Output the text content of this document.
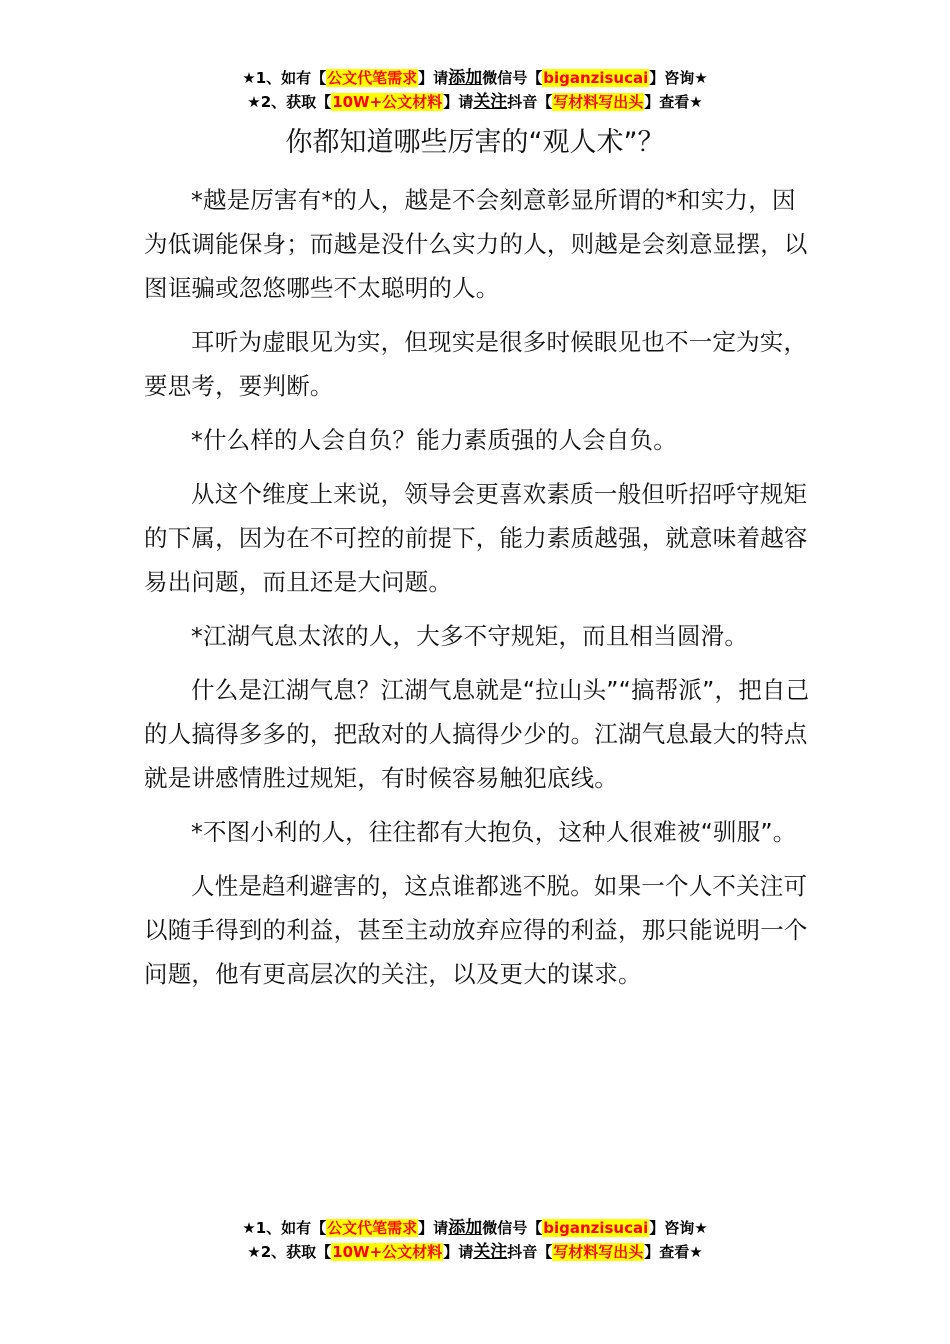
★1、如有【公文代笔需求】请添加微信号【biganzisucai】咨询★
★2、获取【10W+公文材料】请关注抖音【写材料写出头】查看★
你都知道哪些厉害的“观人术”？

*越是厉害有*的人，越是不会刻意彰显所谓的*和实力，因为低调能保身；而越是没什么实力的人，则越是会刻意显摆，以图诓骗或忽悠哪些不太聪明的人。

耳听为虚眼见为实，但现实是很多时候眼见也不一定为实，要思考，要判断。

*什么样的人会自负？能力素质强的人会自负。

从这个维度上来说，领导会更喜欢素质一般但听招呼守规矩的下属，因为在不可控的前提下，能力素质越强，就意味着越容易出问题，而且还是大问题。

*江湖气息太浓的人，大多不守规矩，而且相当圆滑。

什么是江湖气息？江湖气息就是“拉山头”“搞帮派”，把自己的人搞得多多的，把敌对的人搞得少少的。江湖气息最大的特点就是讲感情胜过规矩，有时候容易触犯底线。

*不图小利的人，往往都有大抱负，这种人很难被“驯服”。

人性是趋利避害的，这点谁都逃不脱。如果一个人不关注可以随手得到的利益，甚至主动放弃应得的利益，那只能说明一个问题，他有更高层次的关注，以及更大的谋求。

★1、如有【公文代笔需求】请添加微信号【biganzisucai】咨询★
★2、获取【10W+公文材料】请关注抖音【写材料写出头】查看★
